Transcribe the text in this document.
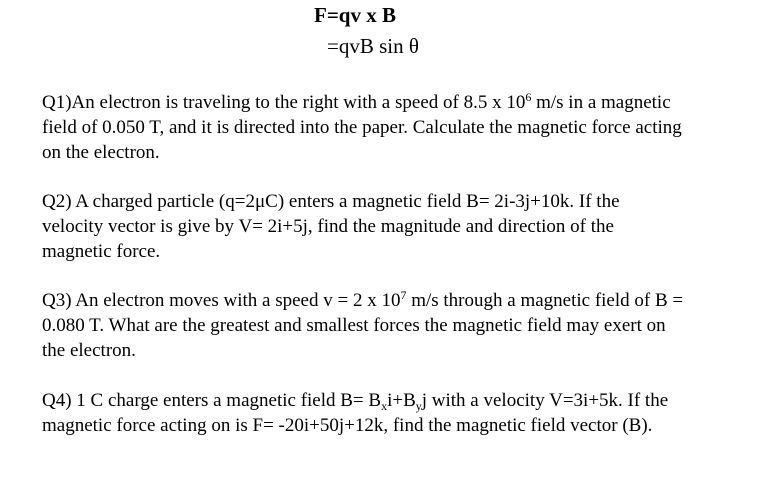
F=qv x B
=qvB sin θ

Q1)An electron is traveling to the right with a speed of 8.5 x $10^6$ m/s in a magnetic

field of 0.050 T, and it is directed into the paper. Calculate the magnetic force acting

on the electron.

Q2) A charged particle (q=2μC) enters a magnetic field B= 2i-3j+10k. If the

velocity vector is give by V= 2i+5j, find the magnitude and direction of the

magnetic force.

Q3) An electron moves with a speed v = 2 x $10^7$ m/s through a magnetic field of B =

0.080 T. What are the greatest and smallest forces the magnetic field may exert on

the electron.

Q4) 1 C charge enters a magnetic field $B= B_xi+B_yj$ with a velocity V=3i+5k. If the

magnetic force acting on is F= -20i+50j+12k, find the magnetic field vector (B).
